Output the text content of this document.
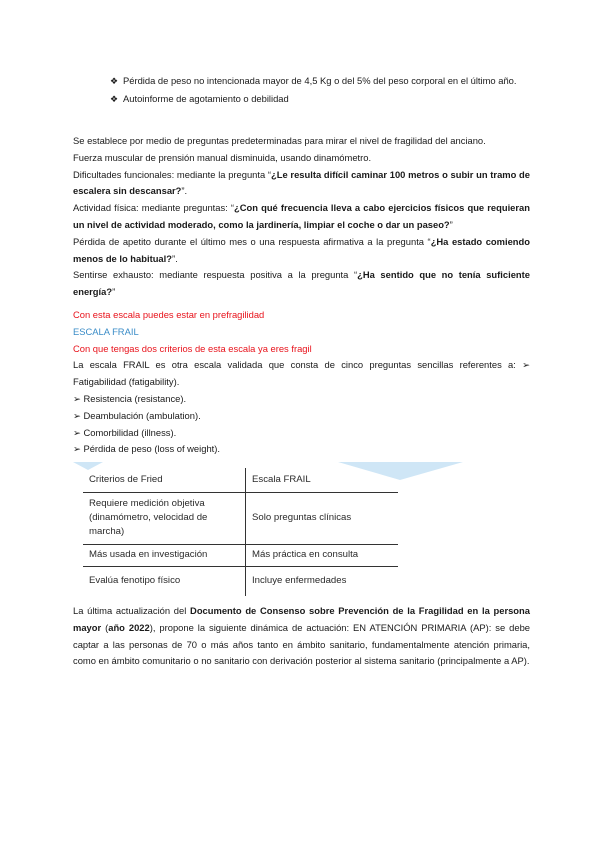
❖ Pérdida de peso no intencionada mayor de 4,5 Kg o del 5% del peso corporal en el último año.
❖ Autoinforme de agotamiento o debilidad

Se establece por medio de preguntas predeterminadas para mirar el nivel de fragilidad del anciano.

Fuerza muscular de prensión manual disminuida, usando dinamómetro.

Dificultades funcionales: mediante la pregunta “¿Le resulta difícil caminar 100 metros o subir un tramo de escalera sin descansar?”.

Actividad física: mediante preguntas: “¿Con qué frecuencia lleva a cabo ejercicios físicos que requieran un nivel de actividad moderado, como la jardinería, limpiar el coche o dar un paseo?”

Pérdida de apetito durante el último mes o una respuesta afirmativa a la pregunta “¿Ha estado comiendo menos de lo habitual?”.

Sentirse exhausto: mediante respuesta positiva a la pregunta “¿Ha sentido que no tenía suficiente energía?”

Con esta escala puedes estar en prefragilidad

ESCALA FRAIL

Con que tengas dos criterios de esta escala ya eres fragil

La escala FRAIL es otra escala validada que consta de cinco preguntas sencillas referentes a: ➢ Fatigabilidad (fatigability).

➢ Resistencia (resistance).

➢ Deambulación (ambulation).

➢ Comorbilidad (illness).

➢ Pérdida de peso (loss of weight).

Criterios de Fried	Escala FRAIL
Requiere medición objetiva (dinamómetro, velocidad de marcha)	Solo preguntas clínicas
Más usada en investigación	Más práctica en consulta
Evalúa fenotipo físico	Incluye enfermedades

La última actualización del Documento de Consenso sobre Prevención de la Fragilidad en la persona mayor (año 2022), propone la siguiente dinámica de actuación: EN ATENCIÓN PRIMARIA (AP): se debe captar a las personas de 70 o más años tanto en ámbito sanitario, fundamentalmente atención primaria, como en ámbito comunitario o no sanitario con derivación posterior al sistema sanitario (principalmente a AP).
